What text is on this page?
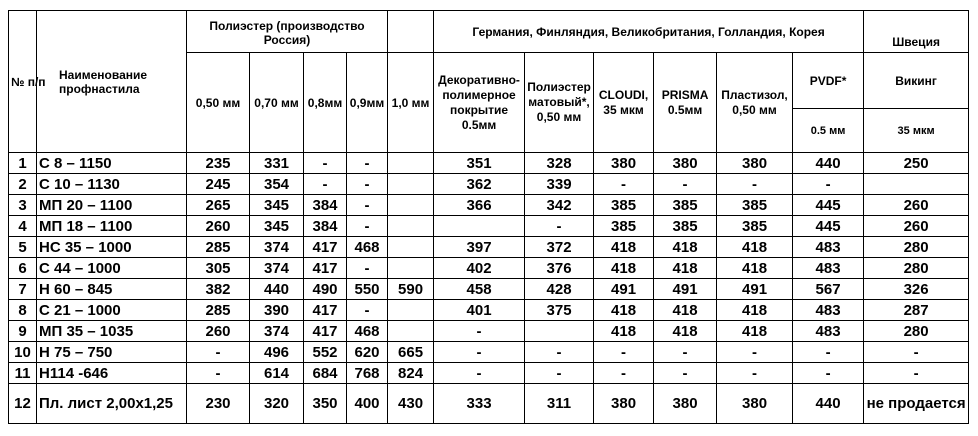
№ п/п	Наименование профнастила	Полиэстер (производство Россия)					Германия, Финляндия, Великобритания, Голландия, Корея						Швеция
		0,50 мм	0,70 мм	0,8мм	0,9мм	1,0 мм	Декоративно-полимерное покрытие 0.5мм	Полиэстер матовый*, 0,50 мм	CLOUDI, 35 мкм	PRISMA 0.5мм	Пластизол, 0,50 мм	PVDF*	Викинг
												0.5 мм	35 мкм
1	С 8 – 1150	235	331	-	-		351	328	380	380	380	440	250
2	С 10 – 1130	245	354	-	-		362	339	-	-	-	-	
3	МП 20 – 1100	265	345	384	-		366	342	385	385	385	445	260
4	МП 18 – 1100	260	345	384	-			-	385	385	385	445	260
5	НС 35 – 1000	285	374	417	468		397	372	418	418	418	483	280
6	С 44 – 1000	305	374	417	-		402	376	418	418	418	483	280
7	Н 60 – 845	382	440	490	550	590	458	428	491	491	491	567	326
8	С 21 – 1000	285	390	417	-		401	375	418	418	418	483	287
9	МП 35 – 1035	260	374	417	468		-		418	418	418	483	280
10	Н 75 – 750	-	496	552	620	665	-	-	-	-	-	-	-
11	Н114 -646	-	614	684	768	824	-	-	-	-	-	-	-
12	Пл. лист 2,00х1,25	230	320	350	400	430	333	311	380	380	380	440	не продается
